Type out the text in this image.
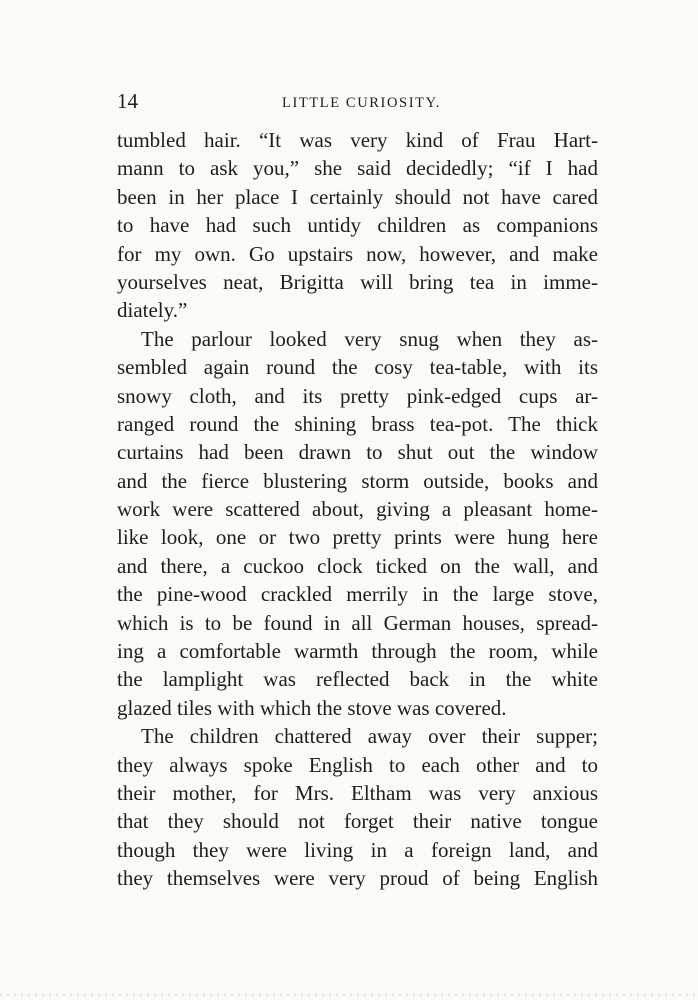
14	LITTLE CURIOSITY.
tumbled hair. “It was very kind of Frau Hart-
mann to ask you,” she said decidedly; “if I had
been in her place I certainly should not have cared
to have had such untidy children as companions
for my own. Go upstairs now, however, and make
yourselves neat, Brigitta will bring tea in imme-
diately.”
The parlour looked very snug when they as-
sembled again round the cosy tea-table, with its
snowy cloth, and its pretty pink-edged cups ar-
ranged round the shining brass tea-pot. The thick
curtains had been drawn to shut out the window
and the fierce blustering storm outside, books and
work were scattered about, giving a pleasant home-
like look, one or two pretty prints were hung here
and there, a cuckoo clock ticked on the wall, and
the pine-wood crackled merrily in the large stove,
which is to be found in all German houses, spread-
ing a comfortable warmth through the room, while
the lamplight was reflected back in the white
glazed tiles with which the stove was covered.
The children chattered away over their supper;
they always spoke English to each other and to
their mother, for Mrs. Eltham was very anxious
that they should not forget their native tongue
though they were living in a foreign land, and
they themselves were very proud of being English
